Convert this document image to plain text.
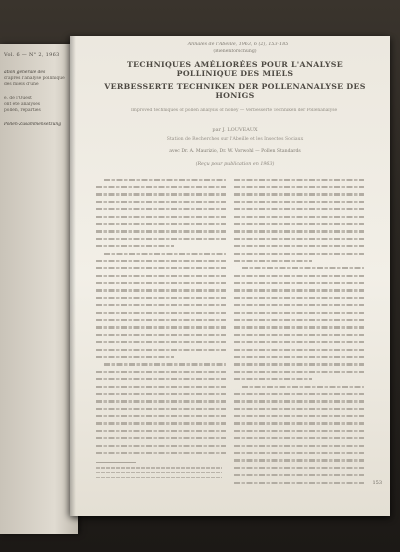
Vol. 6 — N° 2, 1963
ation générale des
d'après l'analyse pollinique
des miels d'une
e. de l'Ouest
ont été analysés
pollen, réparties
Pollen-Zusammensetzung
Annales de l'Abeille, 1963, 6 (2), 153-185
(Bienenforschung)
TECHNIQUES AMÉLIORÉES POUR L'ANALYSE POLLINIQUE DES MIELS
VERBESSERTE TECHNIKEN DER POLLENANALYSE DES HONIGS
Improved techniques of pollen analysis of honey — Verbesserte Techniken der Pollenanalyse
par J. LOUVEAUX
Station de Recherches sur l'Abeille et les Insectes Sociaux
avec Dr. A. Maurizio, Dr. W. Vorwohl — Pollen Standards
(Reçu pour publication en 1963)
153
